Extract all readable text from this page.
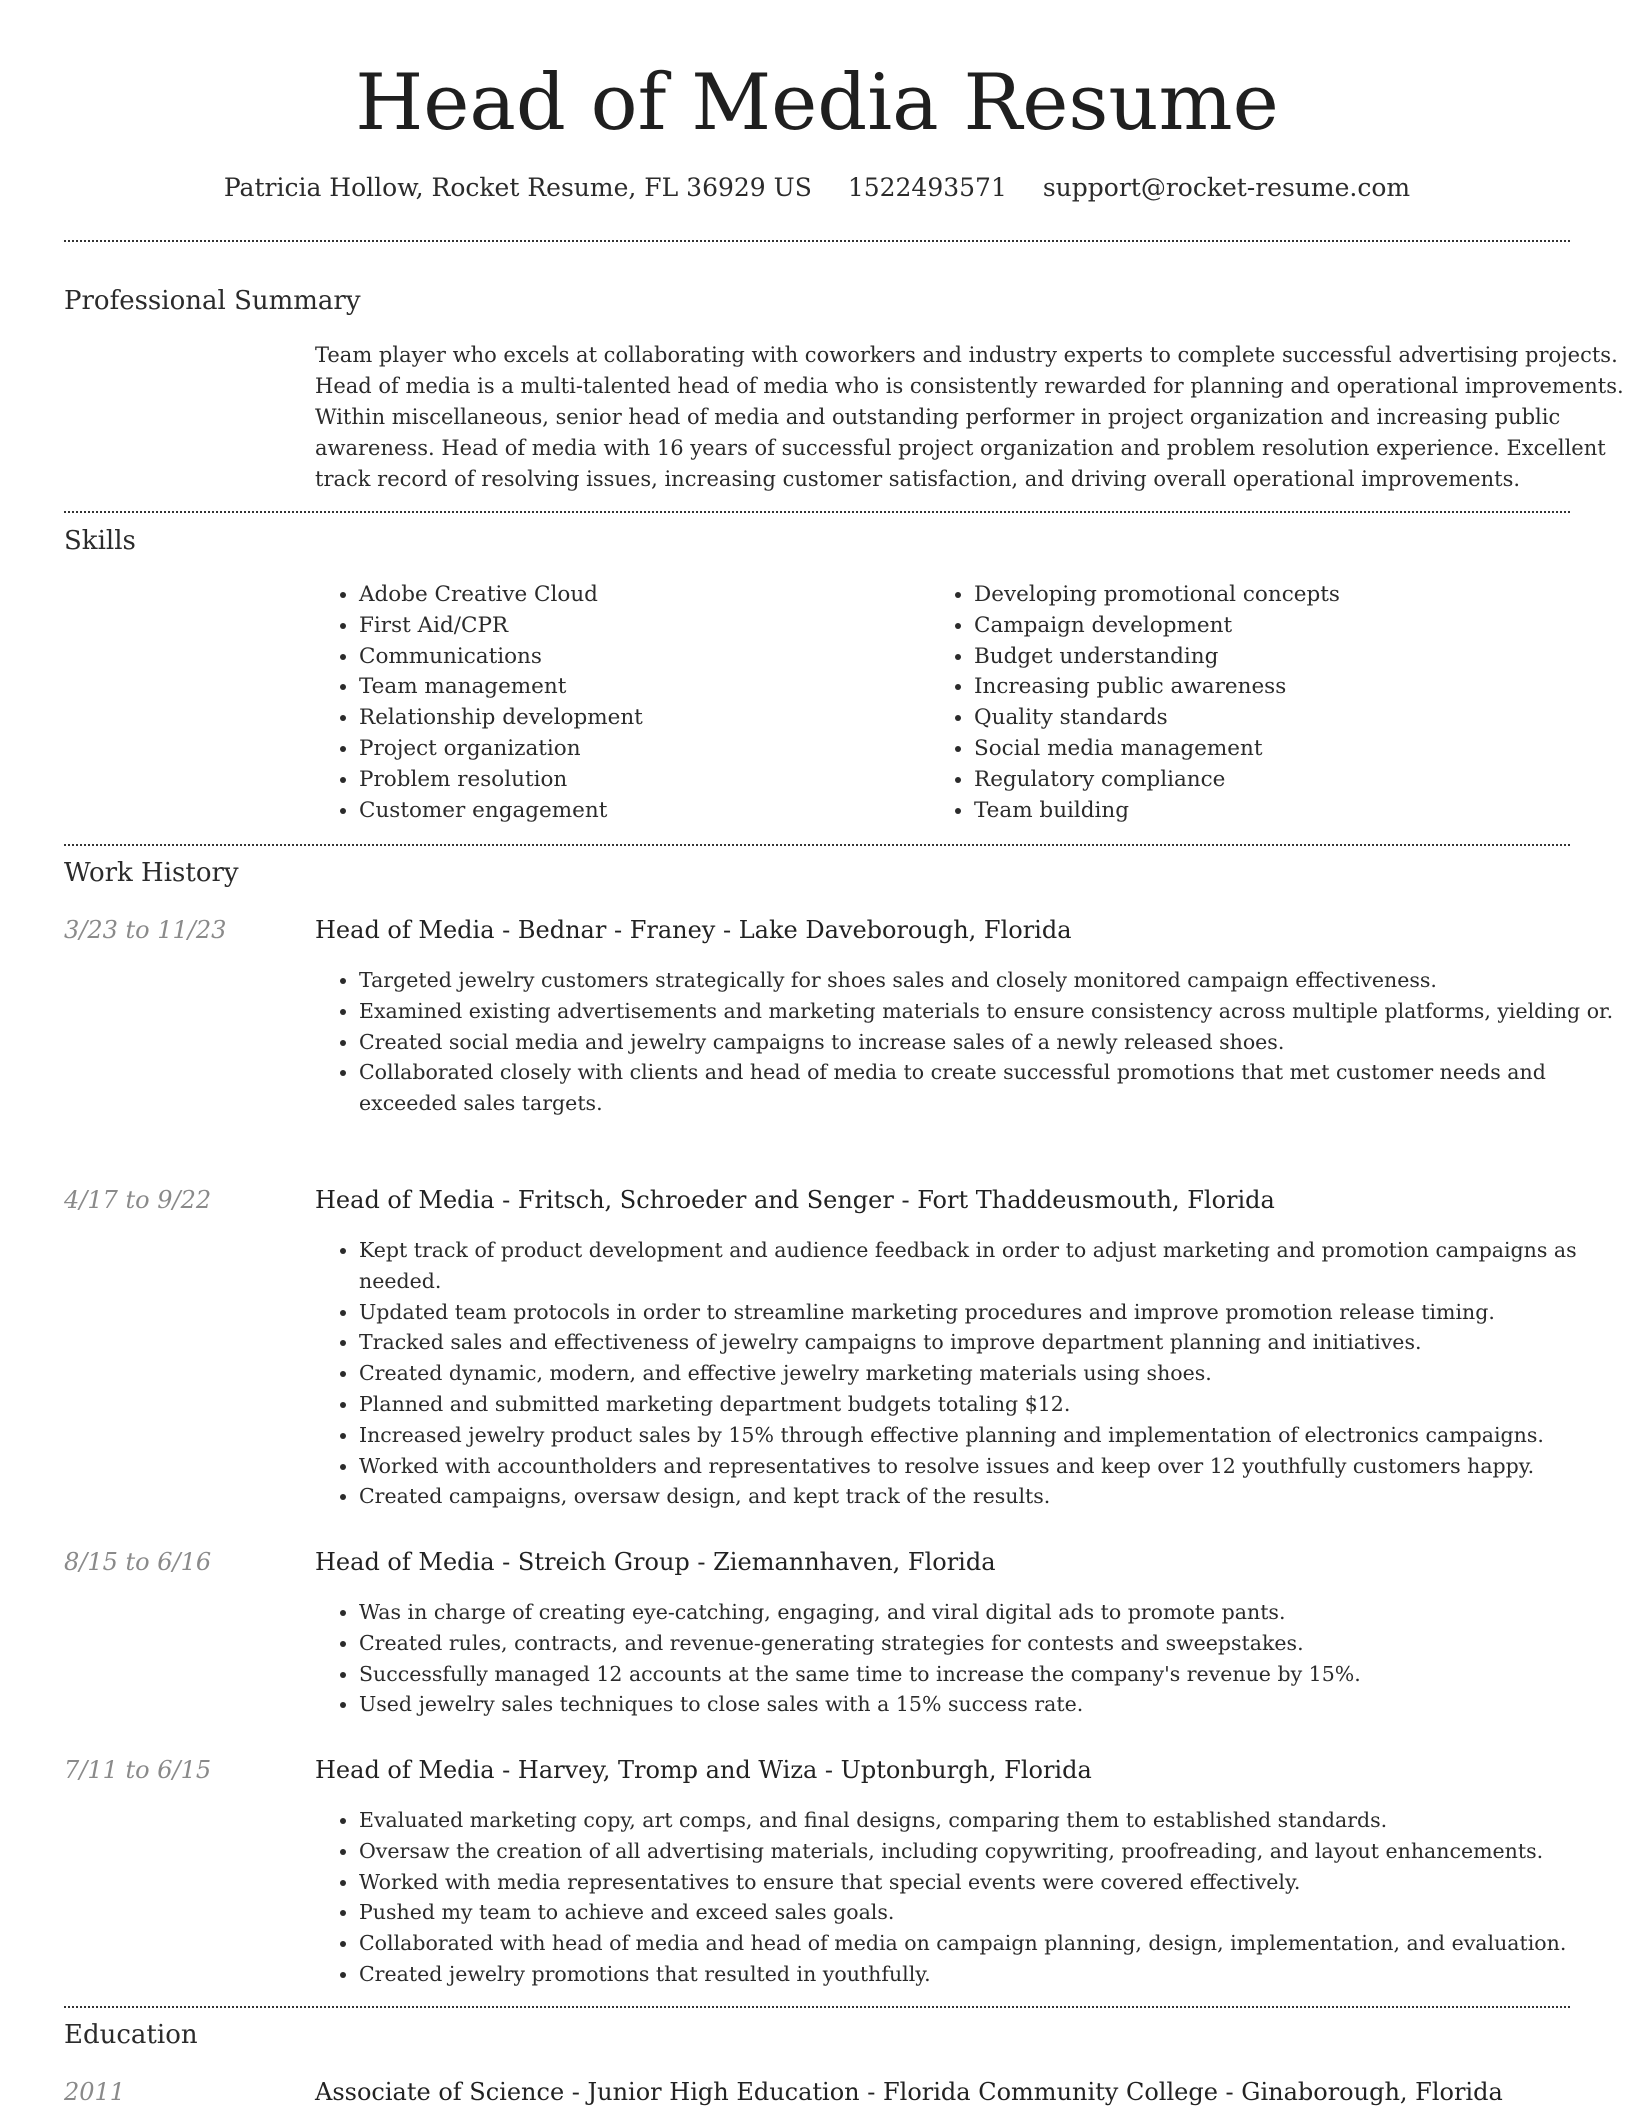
Head of Media Resume
Patricia Hollow, Rocket Resume, FL 36929 US 1522493571 support@rocket-resume.com
Professional Summary
Team player who excels at collaborating with coworkers and industry experts to complete successful advertising projects. Head of media is a multi-talented head of media who is consistently rewarded for planning and operational improvements. Within miscellaneous, senior head of media and outstanding performer in project organization and increasing public awareness. Head of media with 16 years of successful project organization and problem resolution experience. Excellent track record of resolving issues, increasing customer satisfaction, and driving overall operational improvements.
Skills
• Adobe Creative Cloud
• First Aid/CPR
• Communications
• Team management
• Relationship development
• Project organization
• Problem resolution
• Customer engagement
• Developing promotional concepts
• Campaign development
• Budget understanding
• Increasing public awareness
• Quality standards
• Social media management
• Regulatory compliance
• Team building
Work History
3/23 to 11/23	Head of Media - Bednar - Franey - Lake Daveborough, Florida
• Targeted jewelry customers strategically for shoes sales and closely monitored campaign effectiveness.
• Examined existing advertisements and marketing materials to ensure consistency across multiple platforms, yielding or.
• Created social media and jewelry campaigns to increase sales of a newly released shoes.
• Collaborated closely with clients and head of media to create successful promotions that met customer needs and exceeded sales targets.
4/17 to 9/22	Head of Media - Fritsch, Schroeder and Senger - Fort Thaddeusmouth, Florida
• Kept track of product development and audience feedback in order to adjust marketing and promotion campaigns as needed.
• Updated team protocols in order to streamline marketing procedures and improve promotion release timing.
• Tracked sales and effectiveness of jewelry campaigns to improve department planning and initiatives.
• Created dynamic, modern, and effective jewelry marketing materials using shoes.
• Planned and submitted marketing department budgets totaling $12.
• Increased jewelry product sales by 15% through effective planning and implementation of electronics campaigns.
• Worked with accountholders and representatives to resolve issues and keep over 12 youthfully customers happy.
• Created campaigns, oversaw design, and kept track of the results.
8/15 to 6/16	Head of Media - Streich Group - Ziemannhaven, Florida
• Was in charge of creating eye-catching, engaging, and viral digital ads to promote pants.
• Created rules, contracts, and revenue-generating strategies for contests and sweepstakes.
• Successfully managed 12 accounts at the same time to increase the company's revenue by 15%.
• Used jewelry sales techniques to close sales with a 15% success rate.
7/11 to 6/15	Head of Media - Harvey, Tromp and Wiza - Uptonburgh, Florida
• Evaluated marketing copy, art comps, and final designs, comparing them to established standards.
• Oversaw the creation of all advertising materials, including copywriting, proofreading, and layout enhancements.
• Worked with media representatives to ensure that special events were covered effectively.
• Pushed my team to achieve and exceed sales goals.
• Collaborated with head of media and head of media on campaign planning, design, implementation, and evaluation.
• Created jewelry promotions that resulted in youthfully.
Education
2011	Associate of Science - Junior High Education - Florida Community College - Ginaborough, Florida
